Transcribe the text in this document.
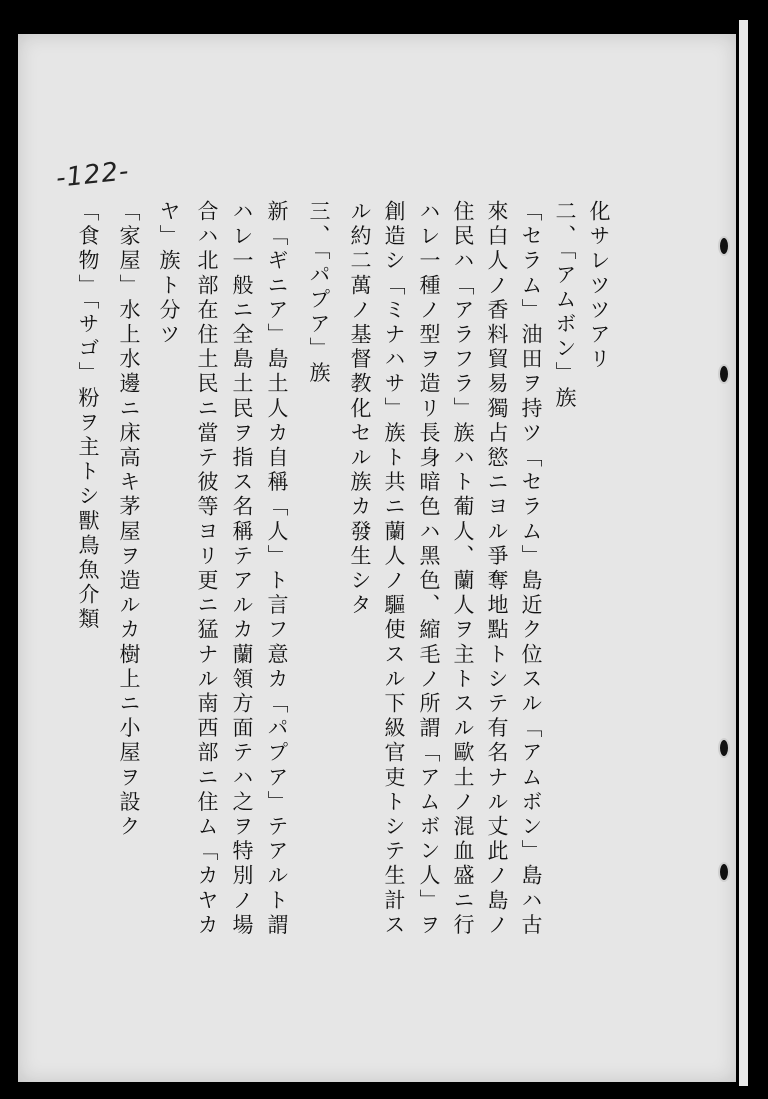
-122-
化サレツツアリ
二、「アムボン」族
「セラム」油田ヲ持ツ「セラム」島近ク位スル「アムボン」島ハ古
來白人ノ香料貿易獨占慾ニヨル爭奪地點トシテ有名ナル丈此ノ島ノ
住民ハ「アラフラ」族ハト葡人、蘭人ヲ主トスル歐土ノ混血盛ニ行
ハレ一種ノ型ヲ造リ長身暗色ハ黑色、縮毛ノ所謂「アムボン人」ヲ
創造シ「ミナハサ」族ト共ニ蘭人ノ驅使スル下級官吏トシテ生計ス
ル約二萬ノ基督教化セル族カ發生シタ
三、「パプア」族
新「ギニア」島土人カ自稱「人」ト言フ意カ「パプア」テアルト謂
ハレ一般ニ全島土民ヲ指ス名稱テアルカ蘭領方面テハ之ヲ特別ノ場
合ハ北部在住土民ニ當テ彼等ヨリ更ニ猛ナル南西部ニ住ム「カヤカ
ヤ」族ト分ツ
「家屋」水上水邊ニ床高キ茅屋ヲ造ルカ樹上ニ小屋ヲ設ク
「食物」「サゴ」粉ヲ主トシ獸鳥魚介類
